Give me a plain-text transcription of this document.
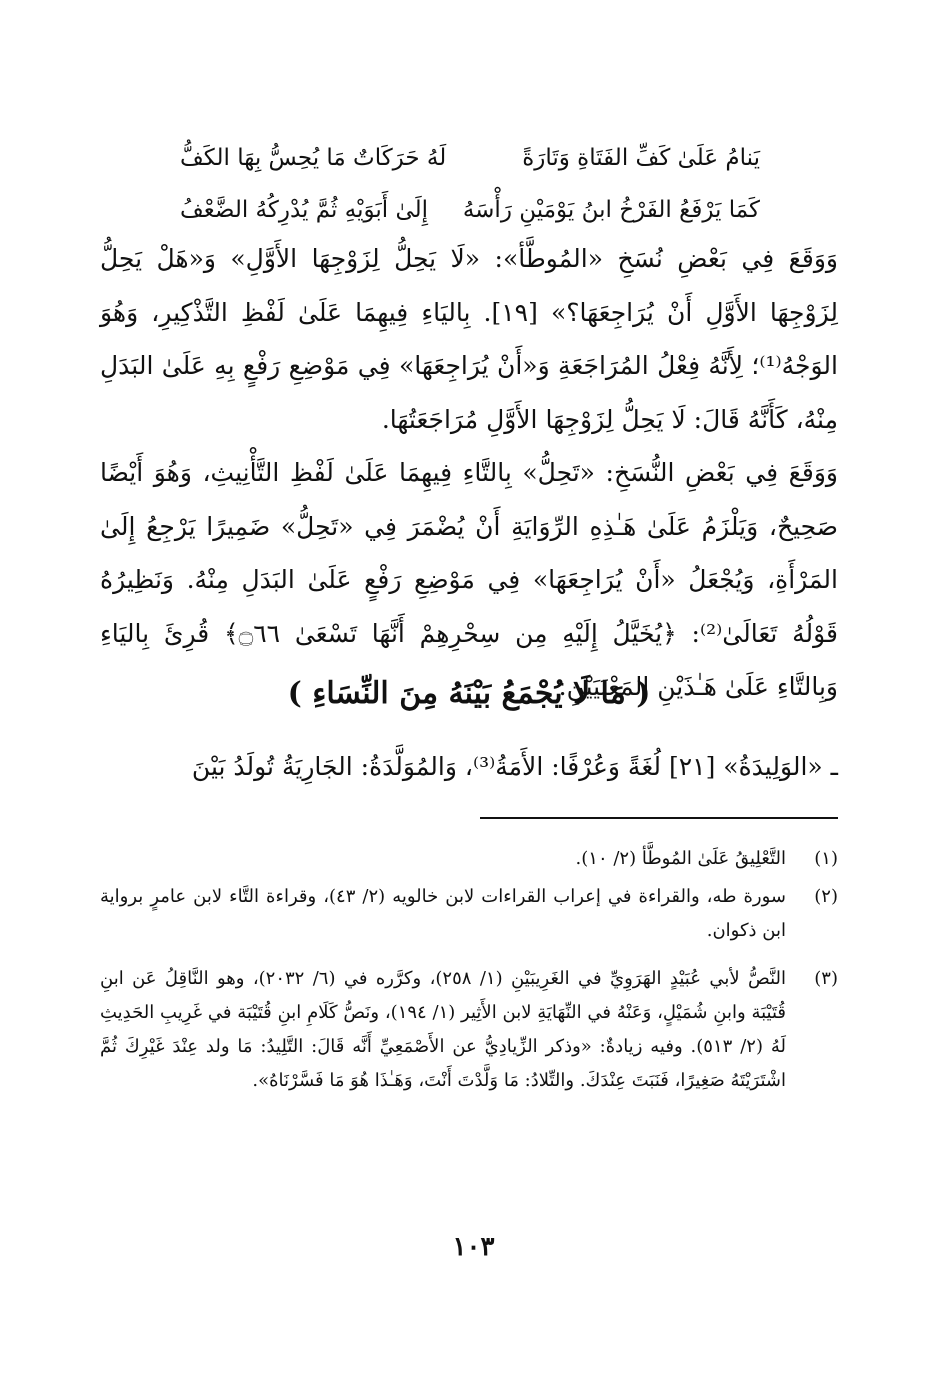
يَنامُ عَلَىٰ كَفِّ الفَتَاةِ وَتَارَةً
لَهُ حَرَكَاتٌ مَا يُحِسُّ بِهَا الكَفُّ
كَمَا يَرْفَعُ الفَرْخُ ابنُ يَوْمَيْنِ رَأْسَهُ
إِلَىٰ أَبَوَيْهِ ثُمَّ يُدْرِكُهُ الضَّعْفُ
وَوَقَعَ فِي بَعْضِ نُسَخِ «المُوطَّأ»: «لَا يَحِلُّ لِزَوْجِهَا الأَوَّلِ» وَ«هَلْ يَحِلُّ لِزَوْجِهَا الأَوَّلِ أَنْ يُرَاجِعَهَا؟» [١٩]. بِاليَاءِ فِيهِمَا عَلَىٰ لَفْظِ التَّذْكِيرِ، وَهُوَ الوَجْهُ⁽¹⁾؛ لِأَنَّهُ فِعْلُ المُرَاجَعَةِ وَ«أَنْ يُرَاجِعَهَا» فِي مَوْضِعِ رَفْعٍ بِهِ عَلَىٰ البَدَلِ مِنْهُ، كَأَنَّهُ قَالَ: لَا يَحِلُّ لِزَوْجِهَا الأَوَّلِ مُرَاجَعَتُهَا.
وَوَقَعَ فِي بَعْضِ النُّسَخِ: «تَحِلُّ» بِالتَّاءِ فِيهِمَا عَلَىٰ لَفْظِ التَّأْنِيثِ، وَهُوَ أَيْضًا صَحِيحٌ، وَيَلْزَمُ عَلَىٰ هَـٰذِهِ الرِّوَايَةِ أَنْ يُضْمَرَ فِي «تَحِلُّ» ضَمِيرًا يَرْجِعُ إِلَىٰ المَرْأَةِ، وَيُجْعَلُ «أَنْ يُرَاجِعَهَا» فِي مَوْضِعِ رَفْعٍ عَلَىٰ البَدَلِ مِنْهُ. وَنَظِيرُهُ قَوْلُهُ تَعَالَىٰ⁽²⁾: ﴿يُخَيَّلُ إِلَيْهِ مِن سِحْرِهِمْ أَنَّهَا تَسْعَىٰ ۝٦٦﴾ قُرِئَ بِاليَاءِ وَبِالتَّاءِ عَلَىٰ هَـٰذَيْنِ المَعْنَيَيْنِ.
( مَا لَا يُجْمَعُ بَيْنَهُ مِنَ النِّسَاءِ )
ـ «الوَلِيدَةُ» [٢١] لُغَةً وَعُرْفًا: الأَمَةُ⁽³⁾، وَالمُوَلَّدَةُ: الجَارِيَةُ تُولَدُ بَيْنَ
(١)
التَّعْلِيقُ عَلَىٰ المُوطَّأ (٢/ ١٠).
(٢)
سورة طه، والقراءة في إعراب القراءات لابن خالويه (٢/ ٤٣)، وقراءة التَّاء لابن عامرٍ برواية ابن ذكوان.
(٣)
النَّصُّ لأبي عُبَيْدٍ الهَرَوِيِّ في الغَرِيبَيْنِ (١/ ٢٥٨)، وكرَّره في (٦/ ٢٠٣٢)، وهو النَّاقِلُ عَن ابنِ قُتَيْبَة وابنِ شُمَيْلٍ، وَعَنْهُ في النِّهَايَةِ لابن الأَثِير (١/ ١٩٤)، ونَصُّ كَلَامِ ابنِ قُتَيْبَة في غَرِيبِ الحَدِيثِ لَهُ (٢/ ٥١٣). وفيه زيادةٌ: «وذكر الزِّيادِيُّ عن الأَصْمَعِيِّ أَنَّه قَالَ: التَّلِيدُ: مَا ولد عِنْدَ غَيْرِكَ ثُمَّ اشْتَرَيْتَهُ صَغِيرًا، فَنَبَتَ عِنْدَكَ. والتِّلادُ: مَا وَلَّدْتَ أَنْتَ، وَهَـٰذَا هُوَ مَا فَسَّرْنَاهُ».
١٠٣
